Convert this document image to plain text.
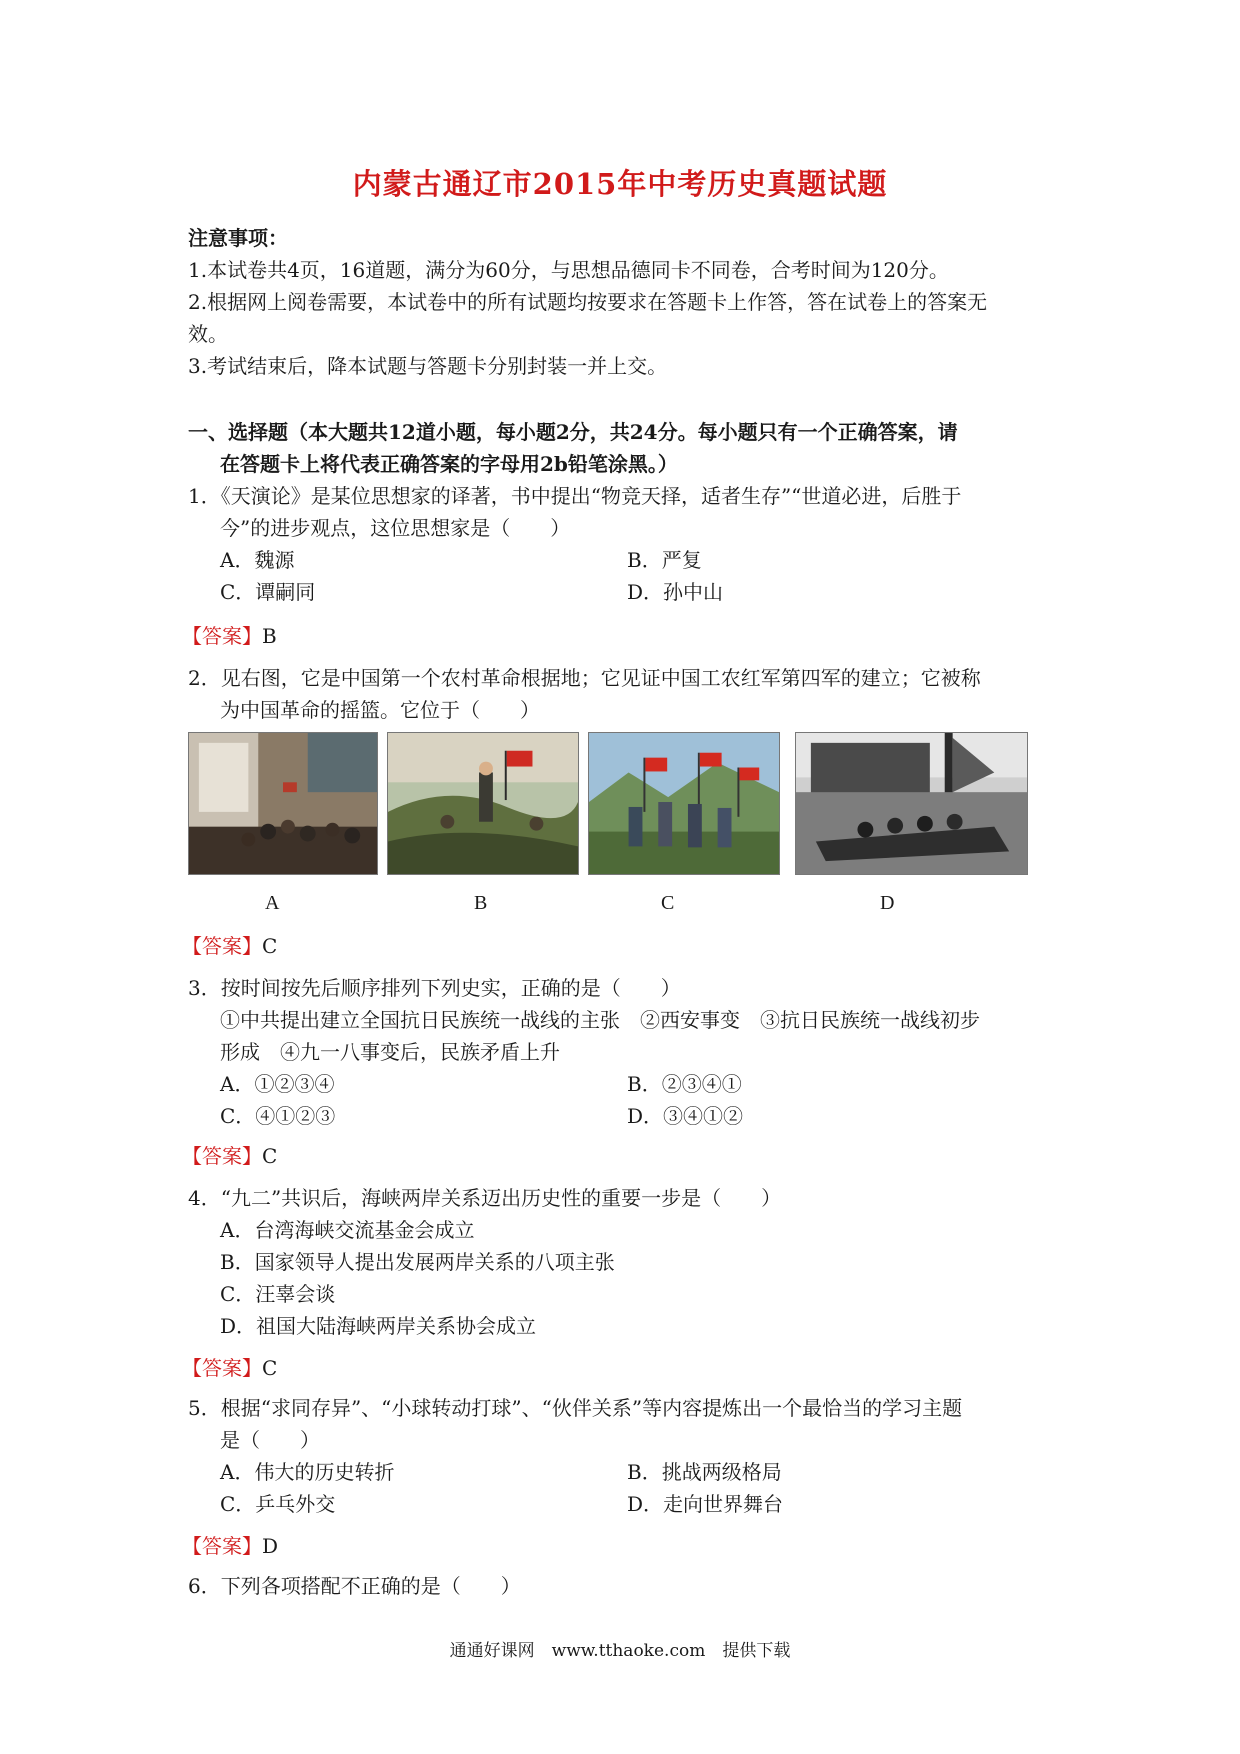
内蒙古通辽市2015年中考历史真题试题
注意事项：
1.本试卷共4页，16道题，满分为60分，与思想品德同卡不同卷，合考时间为120分。
2.根据网上阅卷需要，本试卷中的所有试题均按要求在答题卡上作答，答在试卷上的答案无
效。
3.考试结束后，降本试题与答题卡分别封装一并上交。
一、选择题（本大题共12道小题，每小题2分，共24分。每小题只有一个正确答案，请
在答题卡上将代表正确答案的字母用2b铅笔涂黑。）
1．《天演论》是某位思想家的译著，书中提出“物竞天择，适者生存”“世道必进，后胜于
今”的进步观点，这位思想家是（　　）
A．魏源	B．严复
C．谭嗣同	D．孙中山
【答案】B
2．见右图，它是中国第一个农村革命根据地；它见证中国工农红军第四军的建立；它被称
为中国革命的摇篮。它位于（　　）
A	B	C	D
【答案】C
3．按时间按先后顺序排列下列史实，正确的是（　　）
①中共提出建立全国抗日民族统一战线的主张　②西安事变　③抗日民族统一战线初步
形成　④九一八事变后，民族矛盾上升
A．①②③④	B．②③④①
C．④①②③	D．③④①②
【答案】C
4．“九二”共识后，海峡两岸关系迈出历史性的重要一步是（　　）
A．台湾海峡交流基金会成立
B．国家领导人提出发展两岸关系的八项主张
C．汪辜会谈
D．祖国大陆海峡两岸关系协会成立
【答案】C
5．根据“求同存异”、“小球转动打球”、“伙伴关系”等内容提炼出一个最恰当的学习主题
是（　　）
A．伟大的历史转折	B．挑战两级格局
C．乒乓外交	D．走向世界舞台
【答案】D
6．下列各项搭配不正确的是（　　）
通通好课网　www.tthaoke.com　提供下载
